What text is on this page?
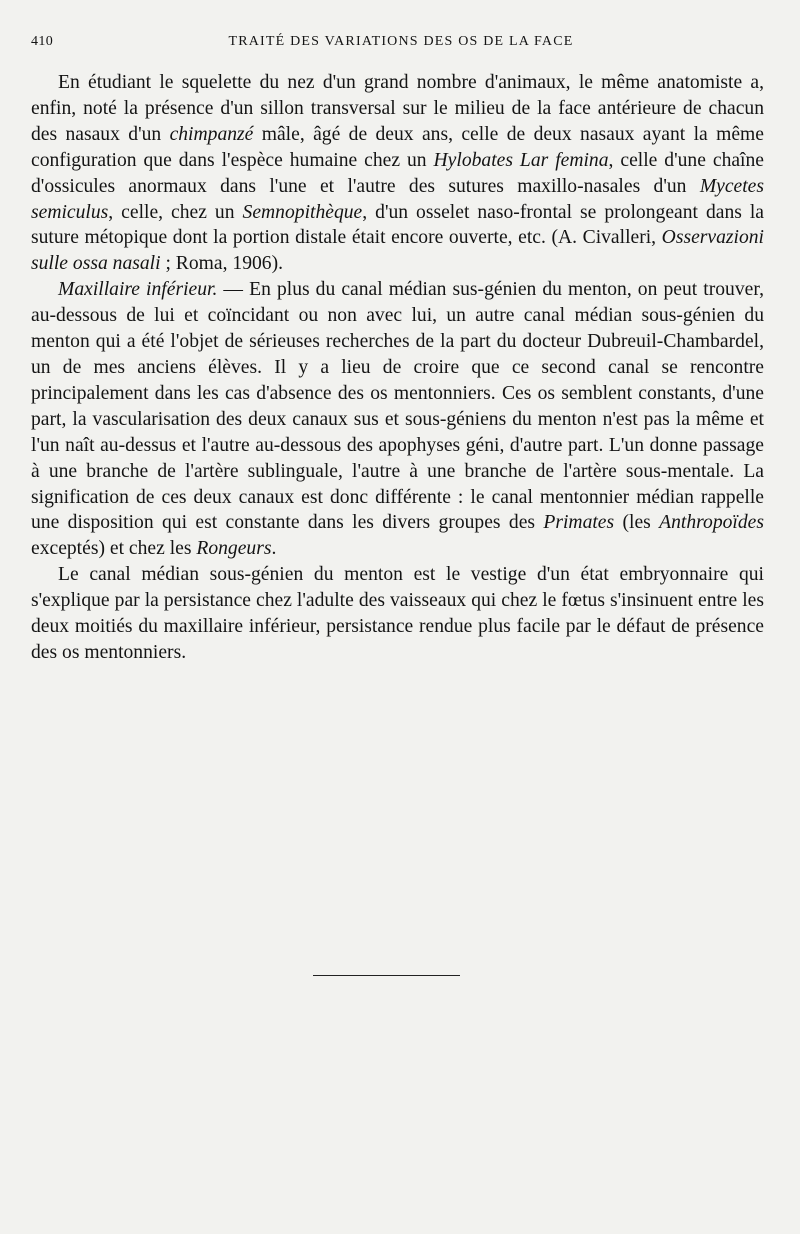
410	TRAITÉ DES VARIATIONS DES OS DE LA FACE

En étudiant le squelette du nez d'un grand nombre d'animaux, le même anatomiste a, enfin, noté la présence d'un sillon transversal sur le milieu de la face antérieure de chacun des nasaux d'un chimpanzé mâle, âgé de deux ans, celle de deux nasaux ayant la même configuration que dans l'espèce humaine chez un Hylobates Lar femina, celle d'une chaîne d'ossicules anormaux dans l'une et l'autre des sutures maxillo-nasales d'un Mycetes semiculus, celle, chez un Semnopithèque, d'un osselet naso-frontal se prolongeant dans la suture métopique dont la portion distale était encore ouverte, etc. (A. Civalleri, Osservazioni sulle ossa nasali ; Roma, 1906).

Maxillaire inférieur. — En plus du canal médian sus-génien du menton, on peut trouver, au-dessous de lui et coïncidant ou non avec lui, un autre canal médian sous-génien du menton qui a été l'objet de sérieuses recherches de la part du docteur Dubreuil-Chambardel, un de mes anciens élèves. Il y a lieu de croire que ce second canal se rencontre principalement dans les cas d'absence des os mentonniers. Ces os semblent constants, d'une part, la vascularisation des deux canaux sus et sous-géniens du menton n'est pas la même et l'un naît au-dessus et l'autre au-dessous des apophyses géni, d'autre part. L'un donne passage à une branche de l'artère sublinguale, l'autre à une branche de l'artère sous-mentale. La signification de ces deux canaux est donc différente : le canal mentonnier médian rappelle une disposition qui est constante dans les divers groupes des Primates (les Anthropoïdes exceptés) et chez les Rongeurs.

Le canal médian sous-génien du menton est le vestige d'un état embryonnaire qui s'explique par la persistance chez l'adulte des vaisseaux qui chez le fœtus s'insinuent entre les deux moitiés du maxillaire inférieur, persistance rendue plus facile par le défaut de présence des os mentonniers.
